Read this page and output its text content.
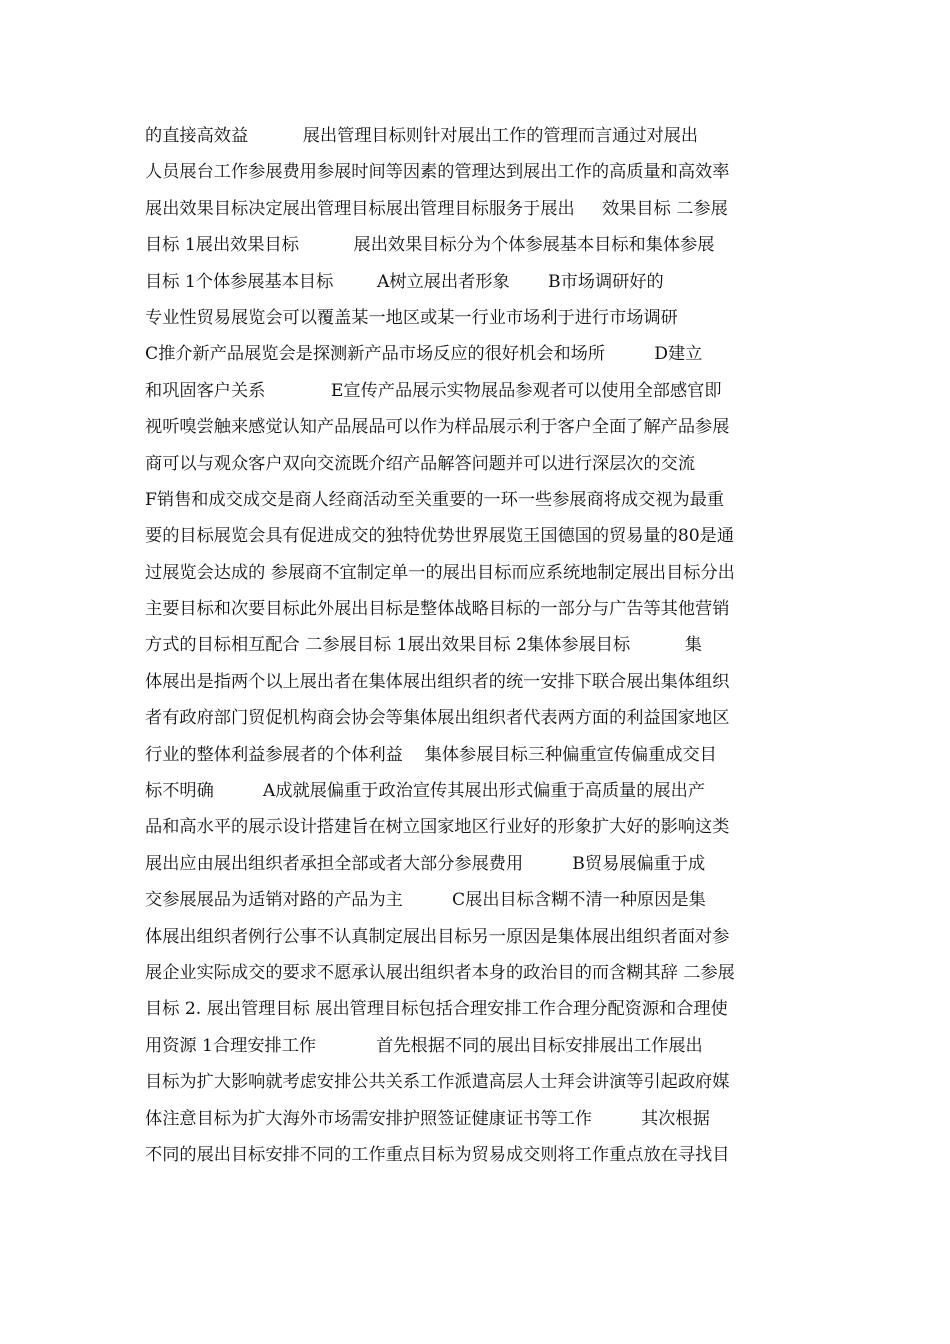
的直接高效益          展出管理目标则针对展出工作的管理而言通过对展出
人员展台工作参展费用参展时间等因素的管理达到展出工作的高质量和高效率
展出效果目标决定展出管理目标展出管理目标服务于展出     效果目标 二参展
目标 1展出效果目标          展出效果目标分为个体参展基本目标和集体参展
目标 1个体参展基本目标        A树立展出者形象       B市场调研好的
专业性贸易展览会可以覆盖某一地区或某一行业市场利于进行市场调研
C推介新产品展览会是探测新产品市场反应的很好机会和场所         D建立
和巩固客户关系            E宣传产品展示实物展品参观者可以使用全部感官即
视听嗅尝触来感觉认知产品展品可以作为样品展示利于客户全面了解产品参展
商可以与观众客户双向交流既介绍产品解答问题并可以进行深层次的交流
F销售和成交成交是商人经商活动至关重要的一环一些参展商将成交视为最重
要的目标展览会具有促进成交的独特优势世界展览王国德国的贸易量的80是通
过展览会达成的 参展商不宜制定单一的展出目标而应系统地制定展出目标分出
主要目标和次要目标此外展出目标是整体战略目标的一部分与广告等其他营销
方式的目标相互配合 二参展目标 1展出效果目标 2集体参展目标          集
体展出是指两个以上展出者在集体展出组织者的统一安排下联合展出集体组织
者有政府部门贸促机构商会协会等集体展出组织者代表两方面的利益国家地区
行业的整体利益参展者的个体利益    集体参展目标三种偏重宣传偏重成交目
标不明确         A成就展偏重于政治宣传其展出形式偏重于高质量的展出产
品和高水平的展示设计搭建旨在树立国家地区行业好的形象扩大好的影响这类
展出应由展出组织者承担全部或者大部分参展费用         B贸易展偏重于成
交参展展品为适销对路的产品为主         C展出目标含糊不清一种原因是集
体展出组织者例行公事不认真制定展出目标另一原因是集体展出组织者面对参
展企业实际成交的要求不愿承认展出组织者本身的政治目的而含糊其辞 二参展
目标 2. 展出管理目标 展出管理目标包括合理安排工作合理分配资源和合理使
用资源 1合理安排工作           首先根据不同的展出目标安排展出工作展出
目标为扩大影响就考虑安排公共关系工作派遣高层人士拜会讲演等引起政府媒
体注意目标为扩大海外市场需安排护照签证健康证书等工作         其次根据
不同的展出目标安排不同的工作重点目标为贸易成交则将工作重点放在寻找目
